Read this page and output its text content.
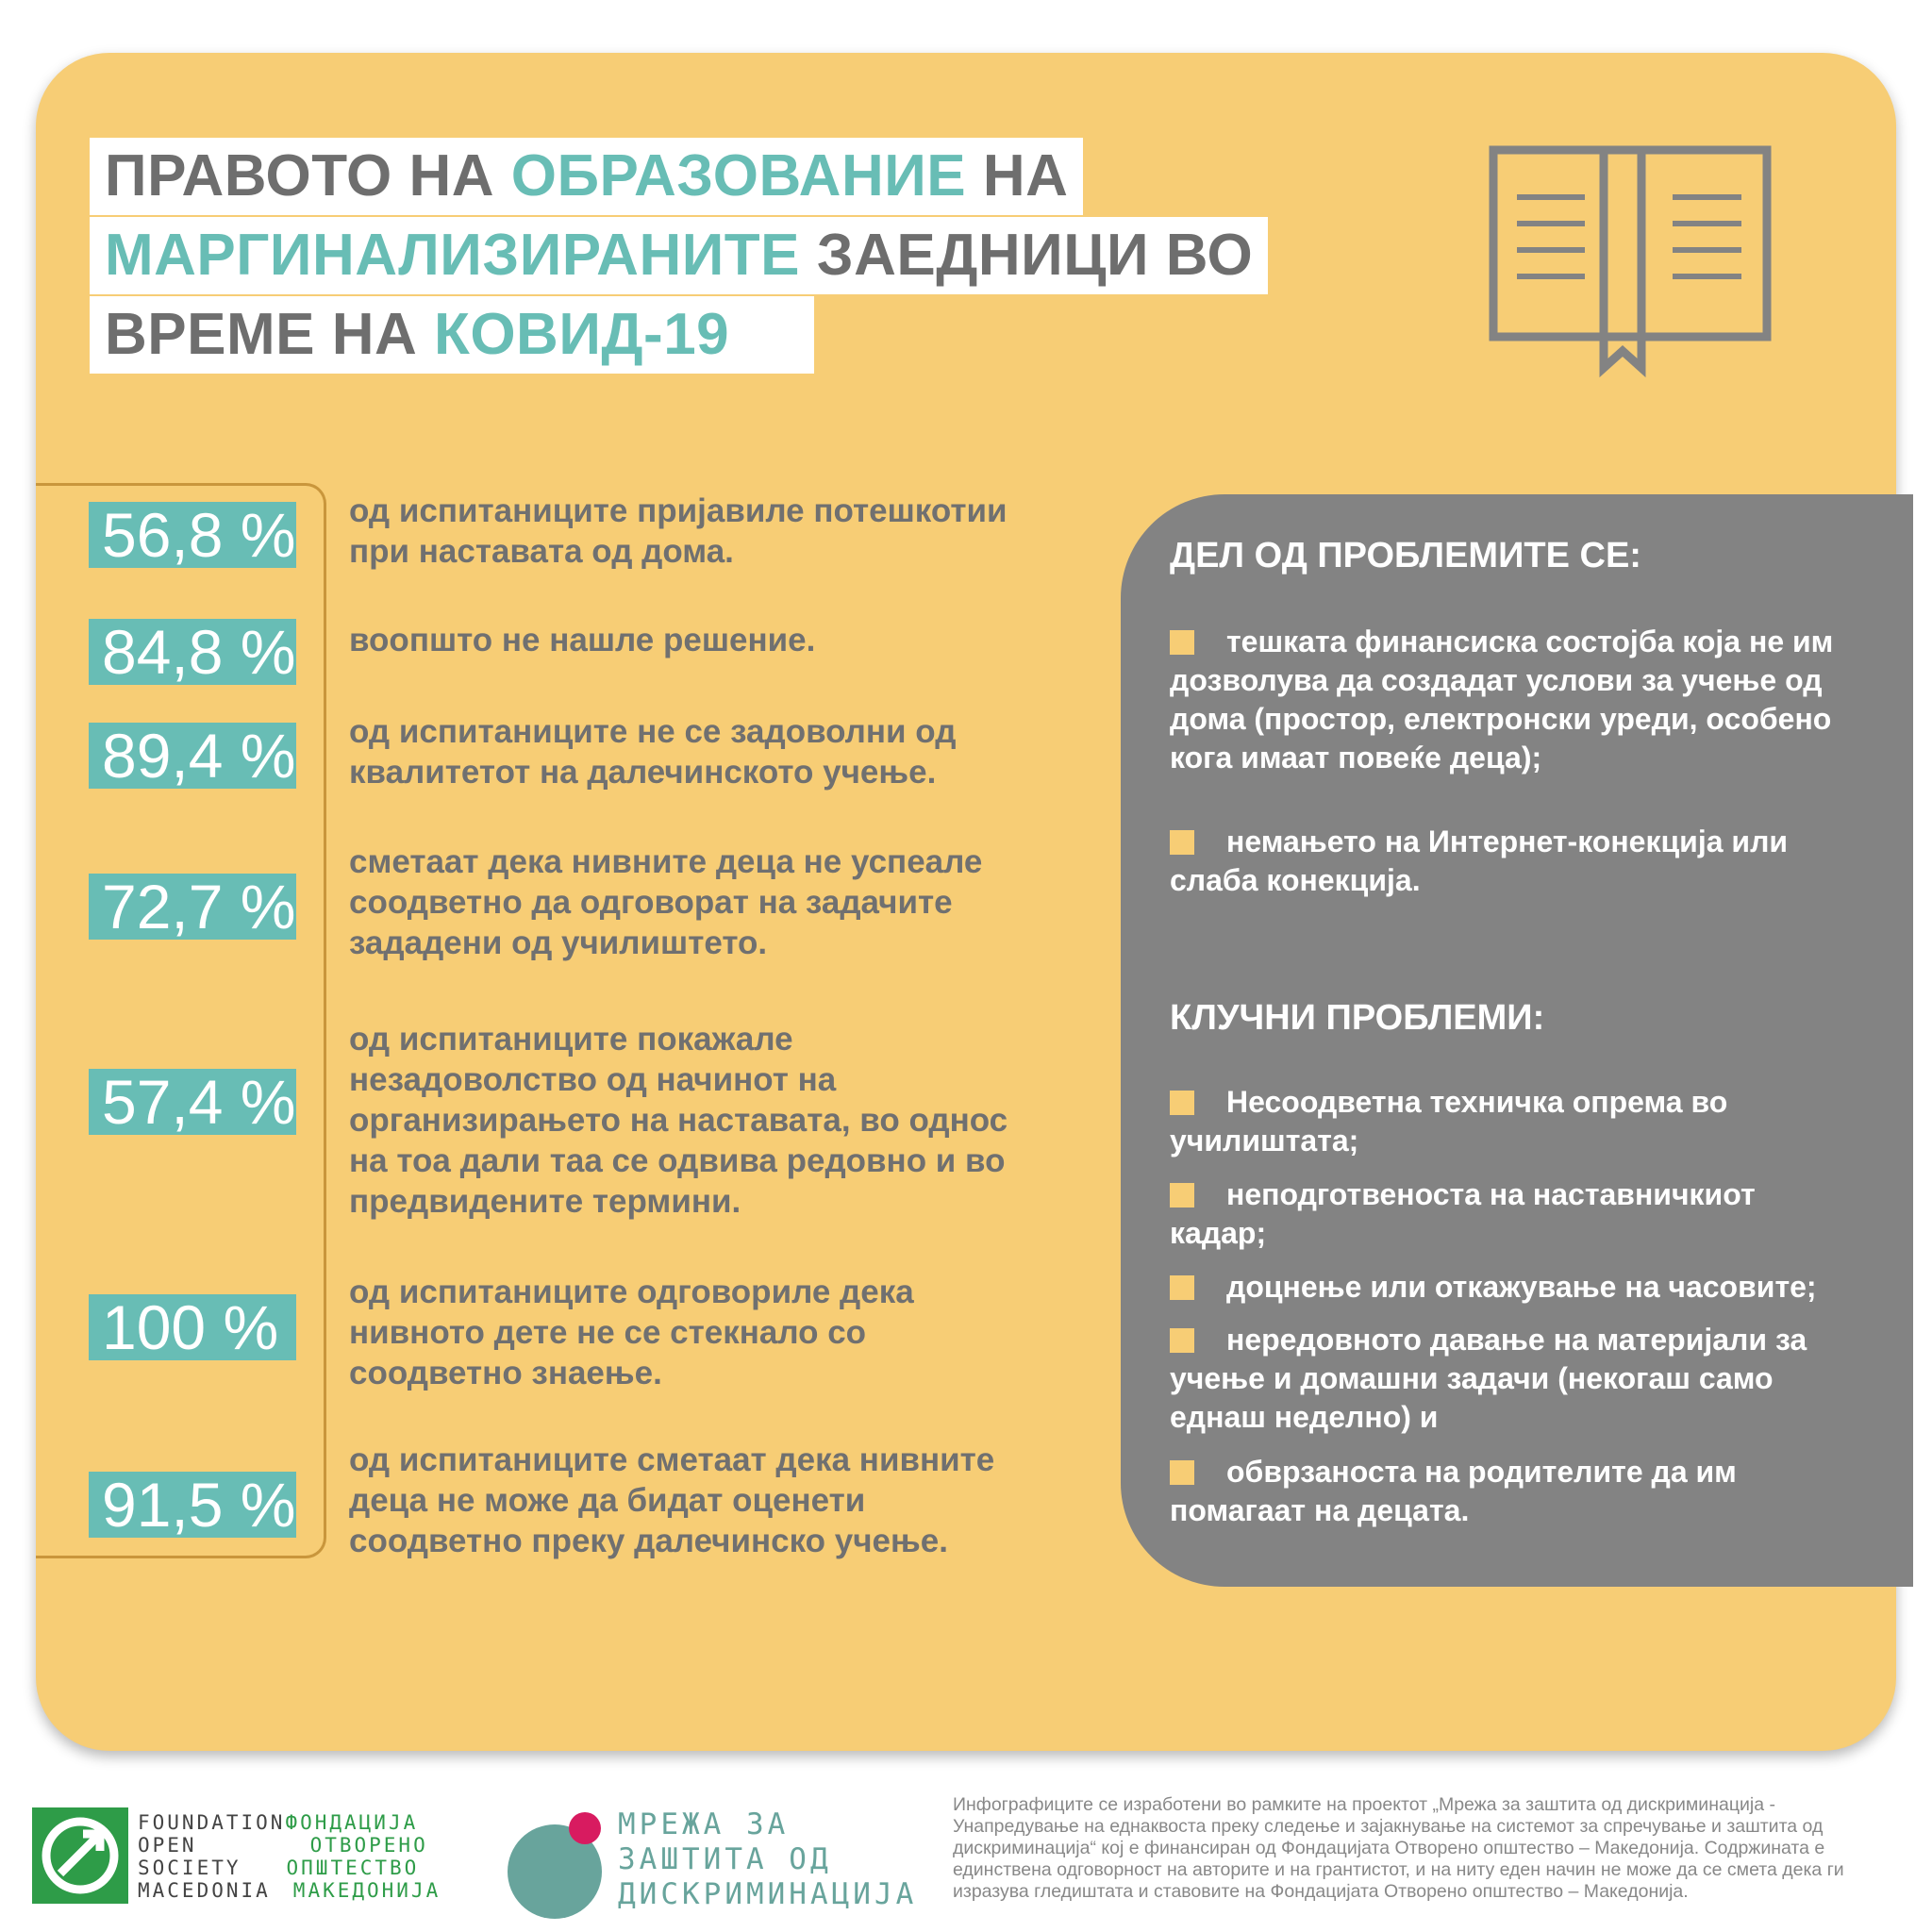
ПРАВОТО НА ОБРАЗОВАНИЕ НА
МАРГИНАЛИЗИРАНИТЕ ЗАЕДНИЦИ ВО
ВРЕМЕ НА КОВИД-19
56,8 % од испитаниците пријавиле потешкотии при наставата од дома.
84,8 % воопшто не нашле решение.
89,4 % од испитаниците не се задоволни од квалитетот на далечинското учење.
72,7 %
сметаат дека нивните деца не успеале соодветно да одговорат на задачите зададени од училиштето.
57,4 %
од испитаниците покажале незадоволство од начинот на организирањето на наставата, во однос на тоа дали таа се одвива редовно и во предвидените термини.
100 %
од испитаниците одговориле дека нивното дете не се стекнало со соодветно знаење.
91,5 %
од испитаниците сметаат дека нивните деца не може да бидат оценети соодветно преку далечинско учење.
ДЕЛ ОД ПРОБЛЕМИТЕ СЕ:
тешката финансиска состојба која не им дозволува да создадат услови за учење од дома (простор, електронски уреди, особено кога имаат повеќе деца);
немањето на Интернет-конекција или слаба конекција.
КЛУЧНИ ПРОБЛЕМИ:
Несоодветна техничка опрема во училиштата;
неподготвеноста на наставничкиот кадар;
доцнење или откажување на часовите;
нередовното давање на материјали за учење и домашни задачи (некогаш само еднаш неделно) и
обврзаноста на родителите да им помагаат на децата.
FOUNDATIONФОНДАЦИЈА
OPEN	ОТВОРЕНО
SOCIETY ОПШТЕСТВО
MACEDONIA МАКЕДОНИЈА
МРЕЖА ЗА
ЗАШТИТА ОД
ДИСКРИМИНАЦИЈА
Инфографиците се изработени во рамките на проектот „Мрежа за заштита од дискриминација - Унапредување на еднаквоста преку следење и зајакнување на системот за спречување и заштита од дискриминација“ кој е финансиран од Фондацијата Отворено општество – Македонија. Содржината е единствена одговорност на авторите и на грантистот, и на ниту еден начин не може да се смета дека ги изразува гледиштата и ставовите на Фондацијата Отворено општество – Македонија.
